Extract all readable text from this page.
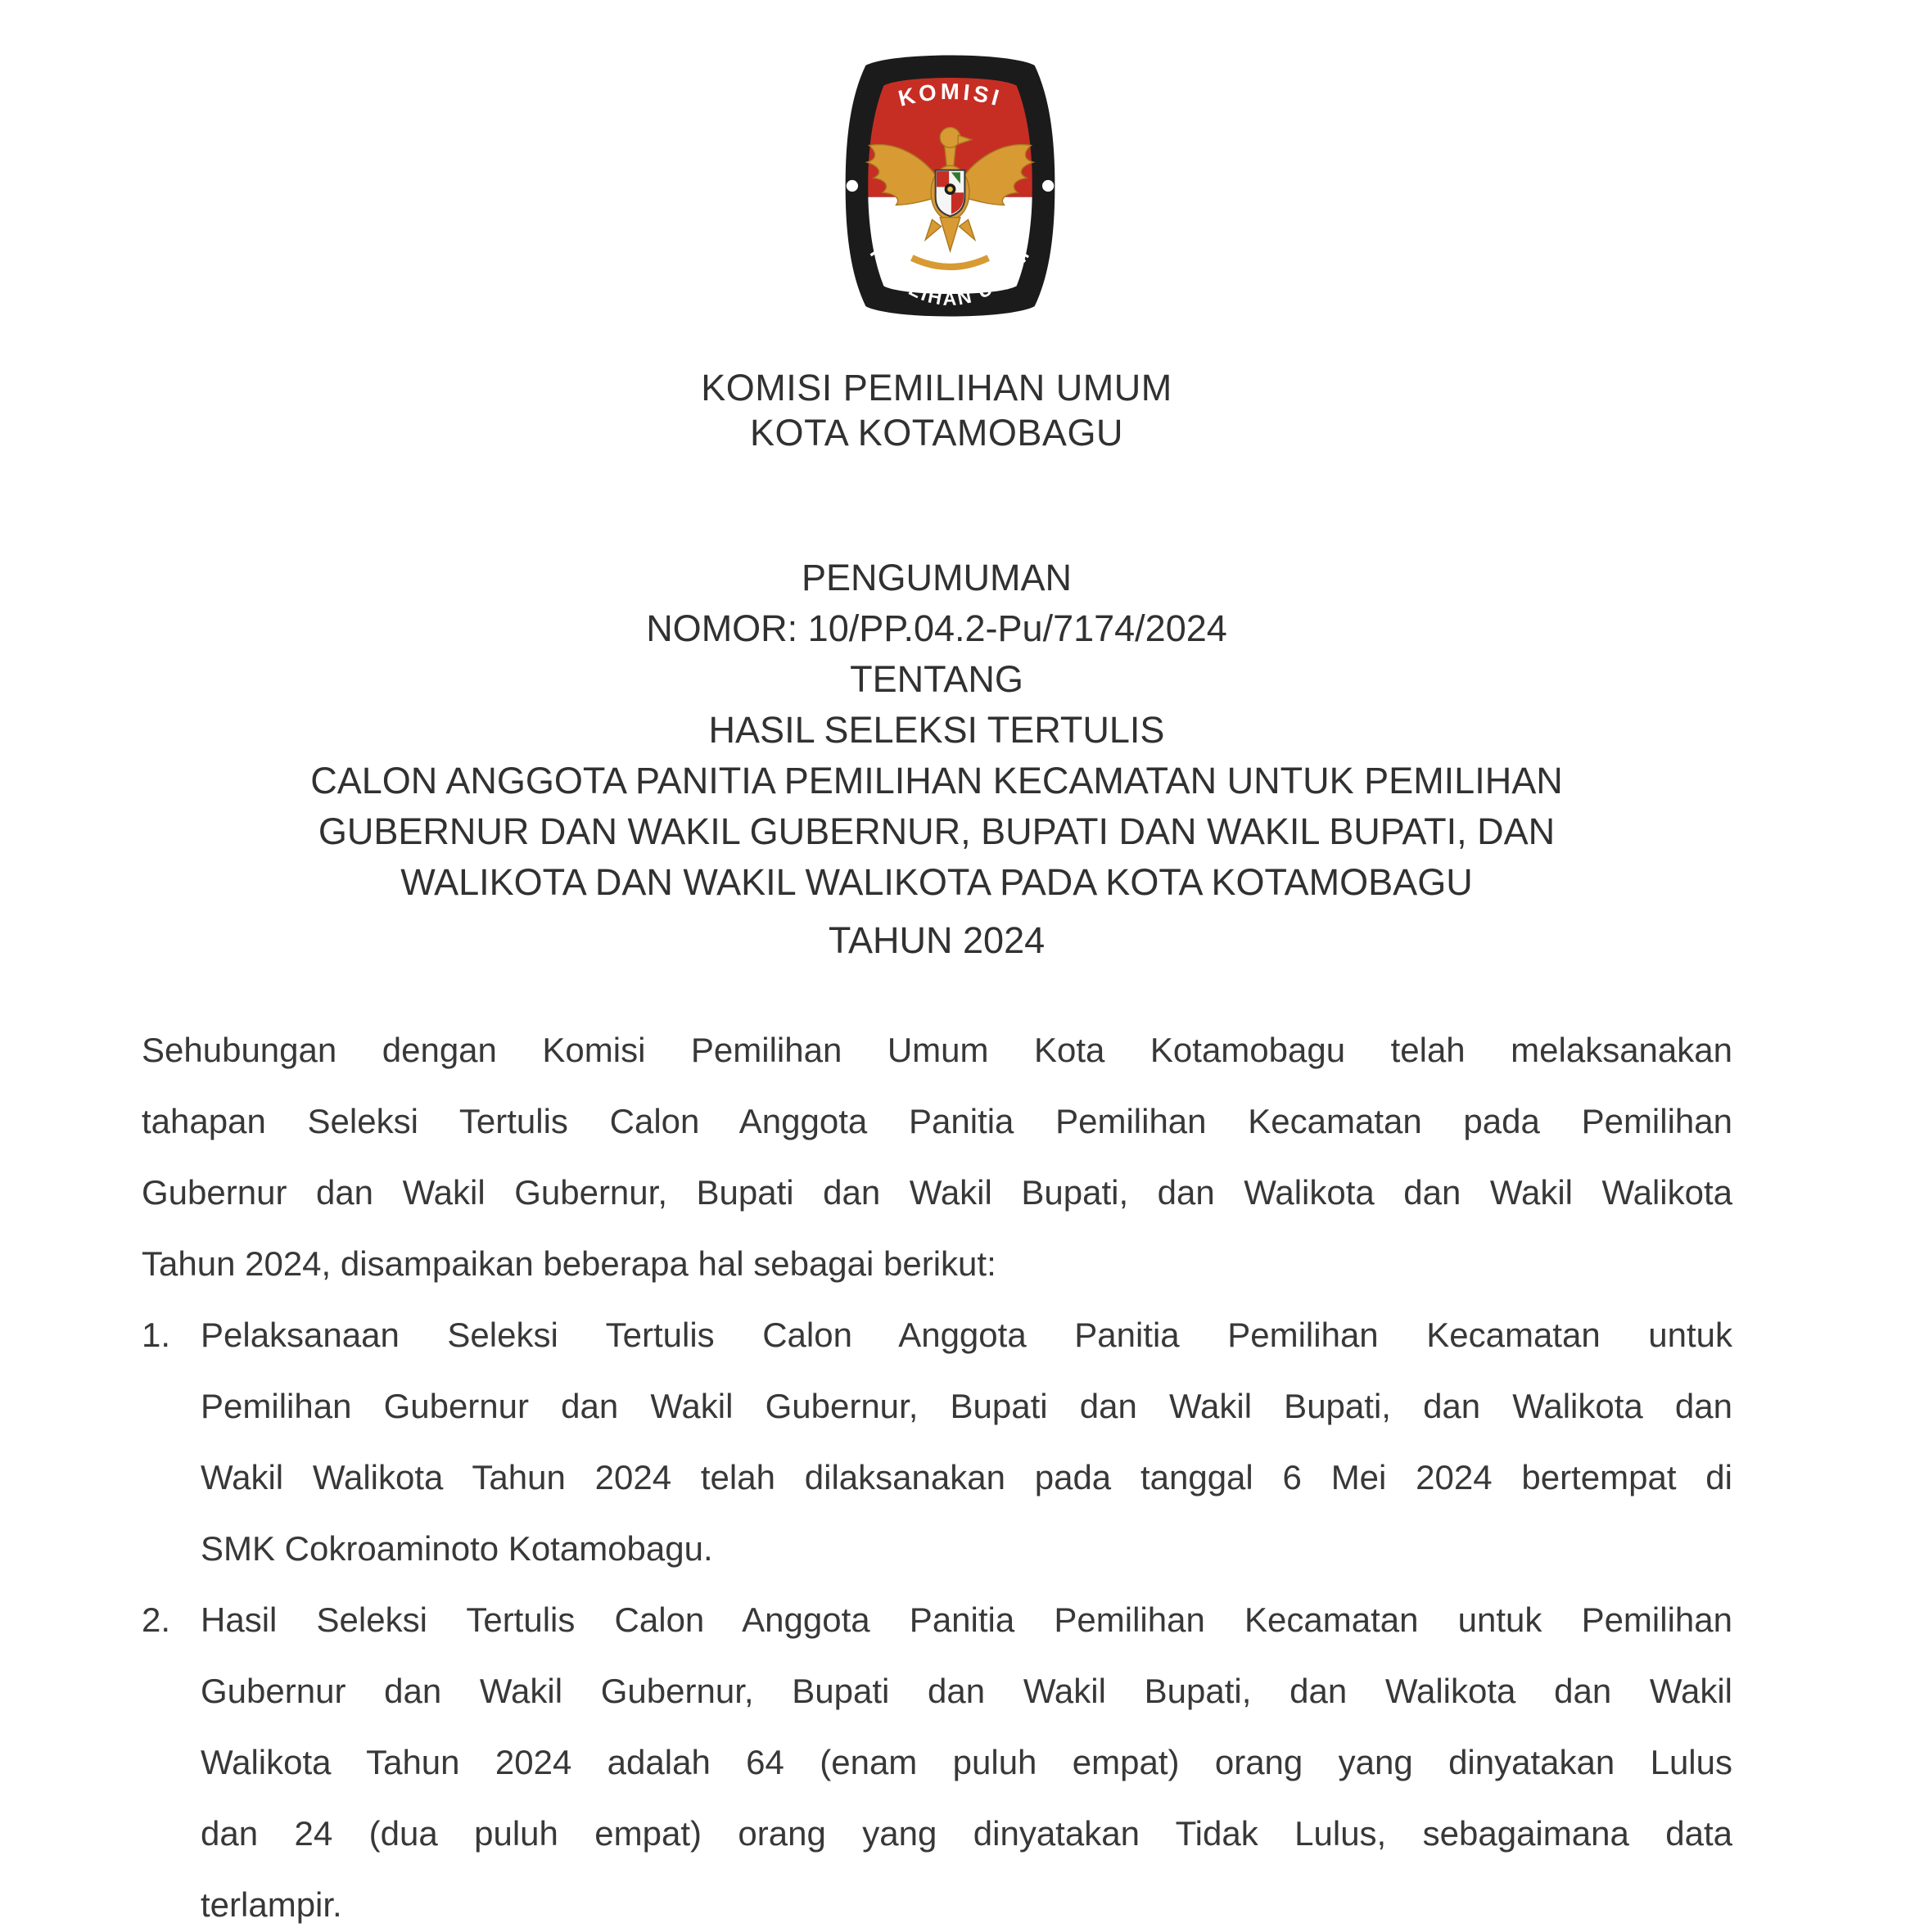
KOMISI
PEMILIHAN UMUM
KOMISI PEMILIHAN UMUM
KOTA KOTAMOBAGU
PENGUMUMAN
NOMOR: 10/PP.04.2-Pu/7174/2024
TENTANG
HASIL SELEKSI TERTULIS
CALON ANGGOTA PANITIA PEMILIHAN KECAMATAN UNTUK PEMILIHAN
GUBERNUR DAN WAKIL GUBERNUR, BUPATI DAN WAKIL BUPATI, DAN
WALIKOTA DAN WAKIL WALIKOTA PADA KOTA KOTAMOBAGU
TAHUN 2024
Sehubungan dengan Komisi Pemilihan Umum Kota Kotamobagu telah melaksanakan
tahapan Seleksi Tertulis Calon Anggota Panitia Pemilihan Kecamatan pada Pemilihan
Gubernur dan Wakil Gubernur, Bupati dan Wakil Bupati, dan Walikota dan Wakil Walikota
Tahun 2024, disampaikan beberapa hal sebagai berikut:
1. Pelaksanaan Seleksi Tertulis Calon Anggota Panitia Pemilihan Kecamatan untuk
Pemilihan Gubernur dan Wakil Gubernur, Bupati dan Wakil Bupati, dan Walikota dan
Wakil Walikota Tahun 2024 telah dilaksanakan pada tanggal 6 Mei 2024 bertempat di
SMK Cokroaminoto Kotamobagu.
2. Hasil Seleksi Tertulis Calon Anggota Panitia Pemilihan Kecamatan untuk Pemilihan
Gubernur dan Wakil Gubernur, Bupati dan Wakil Bupati, dan Walikota dan Wakil
Walikota Tahun 2024 adalah 64 (enam puluh empat) orang yang dinyatakan Lulus
dan 24 (dua puluh empat) orang yang dinyatakan Tidak Lulus, sebagaimana data
terlampir.
